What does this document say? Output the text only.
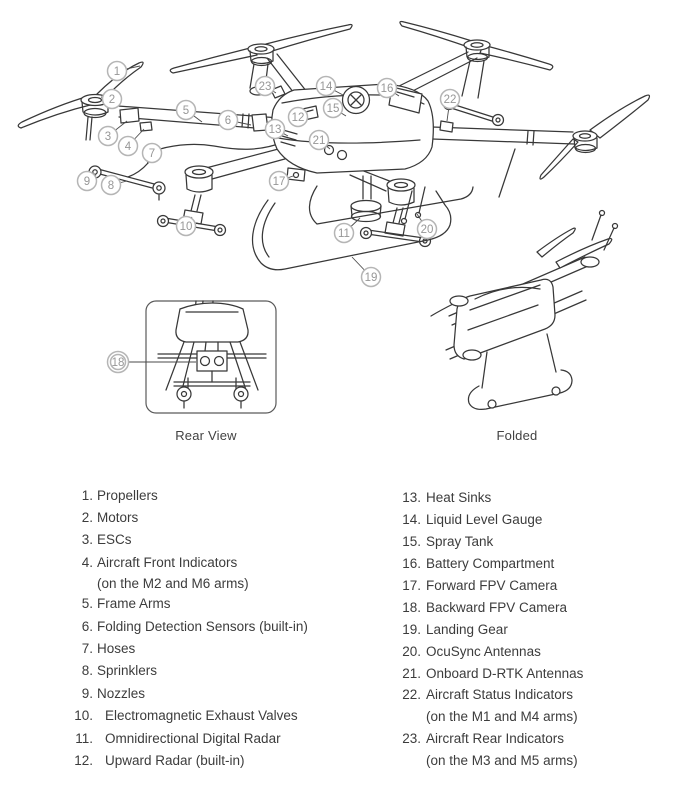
1
2
3
4
5
6
7
8
9
10
11
12
13
14
15
16
17
18
19
20
21
22
23
Rear View	Folded
1. Propellers
2. Motors
3. ESCs
4. Aircraft Front Indicators
(on the M2 and M6 arms)
5. Frame Arms
6. Folding Detection Sensors (built-in)
7. Hoses
8. Sprinklers
9. Nozzles
10. Electromagnetic Exhaust Valves
11. Omnidirectional Digital Radar
12. Upward Radar (built-in)
13. Heat Sinks
14. Liquid Level Gauge
15. Spray Tank
16. Battery Compartment
17. Forward FPV Camera
18. Backward FPV Camera
19. Landing Gear
20. OcuSync Antennas
21. Onboard D-RTK Antennas
22. Aircraft Status Indicators
(on the M1 and M4 arms)
23. Aircraft Rear Indicators
(on the M3 and M5 arms)
